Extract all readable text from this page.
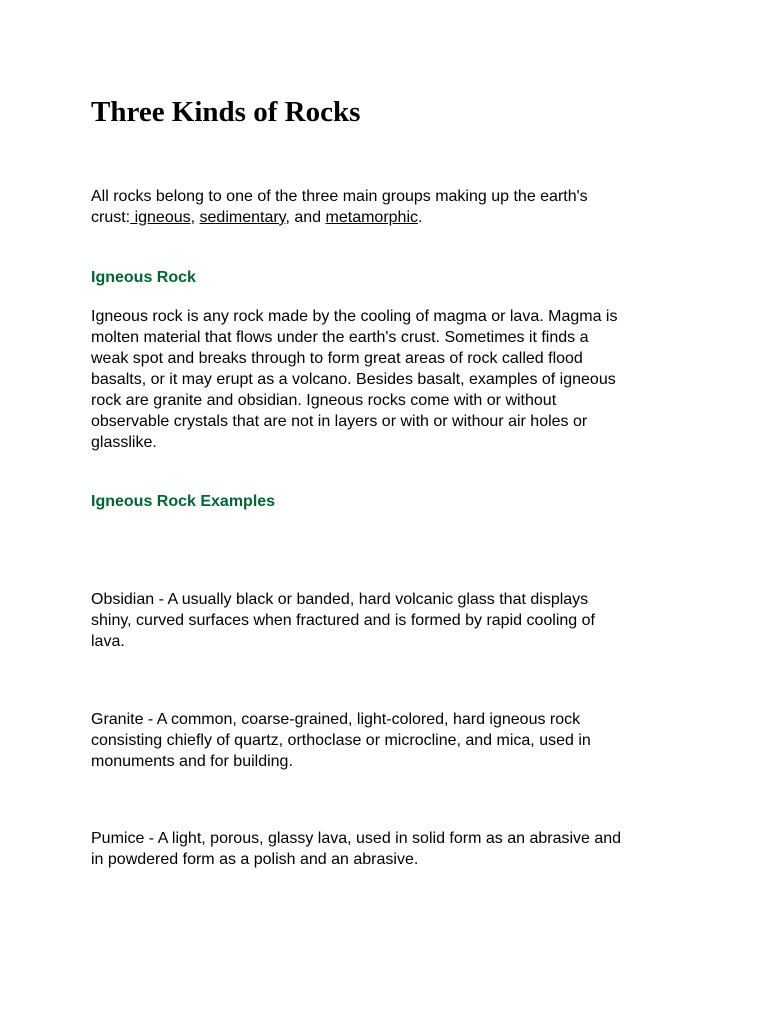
Three Kinds of Rocks

All rocks belong to one of the three main groups making up the earth's
crust: igneous, sedimentary, and metamorphic.

Igneous Rock

Igneous rock is any rock made by the cooling of magma or lava. Magma is
molten material that flows under the earth's crust. Sometimes it finds a
weak spot and breaks through to form great areas of rock called flood
basalts, or it may erupt as a volcano. Besides basalt, examples of igneous
rock are granite and obsidian. Igneous rocks come with or without
observable crystals that are not in layers or with or withour air holes or
glasslike.

Igneous Rock Examples

Obsidian - A usually black or banded, hard volcanic glass that displays
shiny, curved surfaces when fractured and is formed by rapid cooling of
lava.

Granite - A common, coarse-grained, light-colored, hard igneous rock
consisting chiefly of quartz, orthoclase or microcline, and mica, used in
monuments and for building.

Pumice - A light, porous, glassy lava, used in solid form as an abrasive and
in powdered form as a polish and an abrasive.
